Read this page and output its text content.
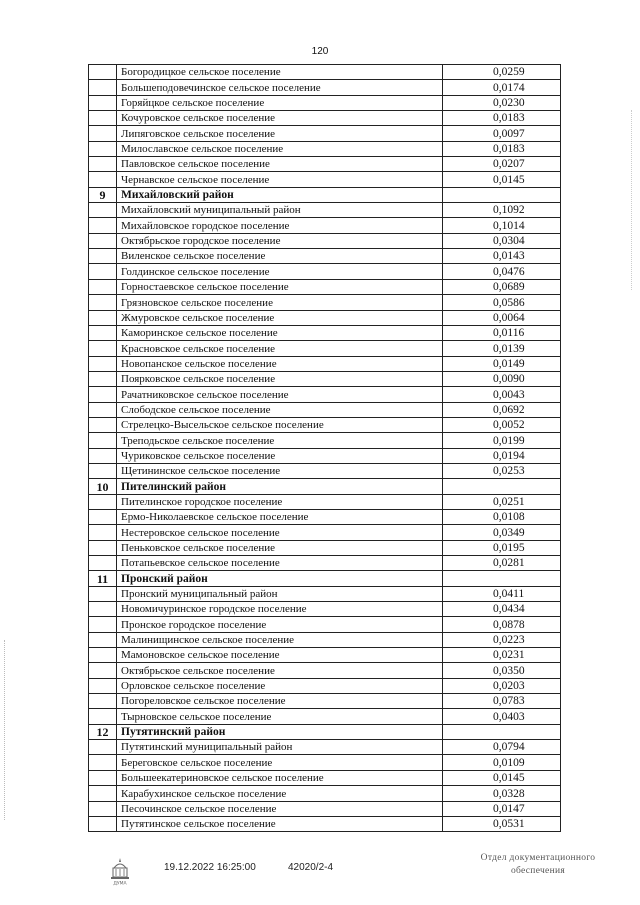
120
	Богородицкое сельское поселение	0,0259
	Большеподовечинское сельское поселение	0,0174
	Горяйцкое сельское поселение	0,0230
	Кочуровское сельское поселение	0,0183
	Липяговское сельское поселение	0,0097
	Милославское сельское поселение	0,0183
	Павловское сельское поселение	0,0207
	Чернавское сельское поселение	0,0145
9	Михайловский район	
	Михайловский муниципальный район	0,1092
	Михайловское городское поселение	0,1014
	Октябрьское городское поселение	0,0304
	Виленское сельское поселение	0,0143
	Голдинское сельское поселение	0,0476
	Горностаевское сельское поселение	0,0689
	Грязновское сельское поселение	0,0586
	Жмуровское сельское поселение	0,0064
	Каморинское сельское поселение	0,0116
	Красновское сельское поселение	0,0139
	Новопанское сельское поселение	0,0149
	Поярковское сельское поселение	0,0090
	Рачатниковское сельское поселение	0,0043
	Слободское сельское поселение	0,0692
	Стрелецко-Высельское сельское поселение	0,0052
	Треподьское сельское поселение	0,0199
	Чуриковское сельское поселение	0,0194
	Щетининское сельское поселение	0,0253
10	Пителинский район	
	Пителинское городское поселение	0,0251
	Ермо-Николаевское сельское поселение	0,0108
	Нестеровское сельское поселение	0,0349
	Пеньковское сельское поселение	0,0195
	Потапьевское сельское поселение	0,0281
11	Пронский район	
	Пронский муниципальный район	0,0411
	Новомичуринское городское поселение	0,0434
	Пронское городское поселение	0,0878
	Малинищинское сельское поселение	0,0223
	Мамоновское сельское поселение	0,0231
	Октябрьское сельское поселение	0,0350
	Орловское сельское поселение	0,0203
	Погореловское сельское поселение	0,0783
	Тырновское сельское поселение	0,0403
12	Путятинский район	
	Путятинский муниципальный район	0,0794
	Береговское сельское поселение	0,0109
	Большеекатериновское сельское поселение	0,0145
	Карабухинское сельское поселение	0,0328
	Песочинское сельское поселение	0,0147
	Путятинское сельское поселение	0,0531
ДУМА
19.12.2022 16:25:00	42020/2-4
Отдел документационного
обеспечения
